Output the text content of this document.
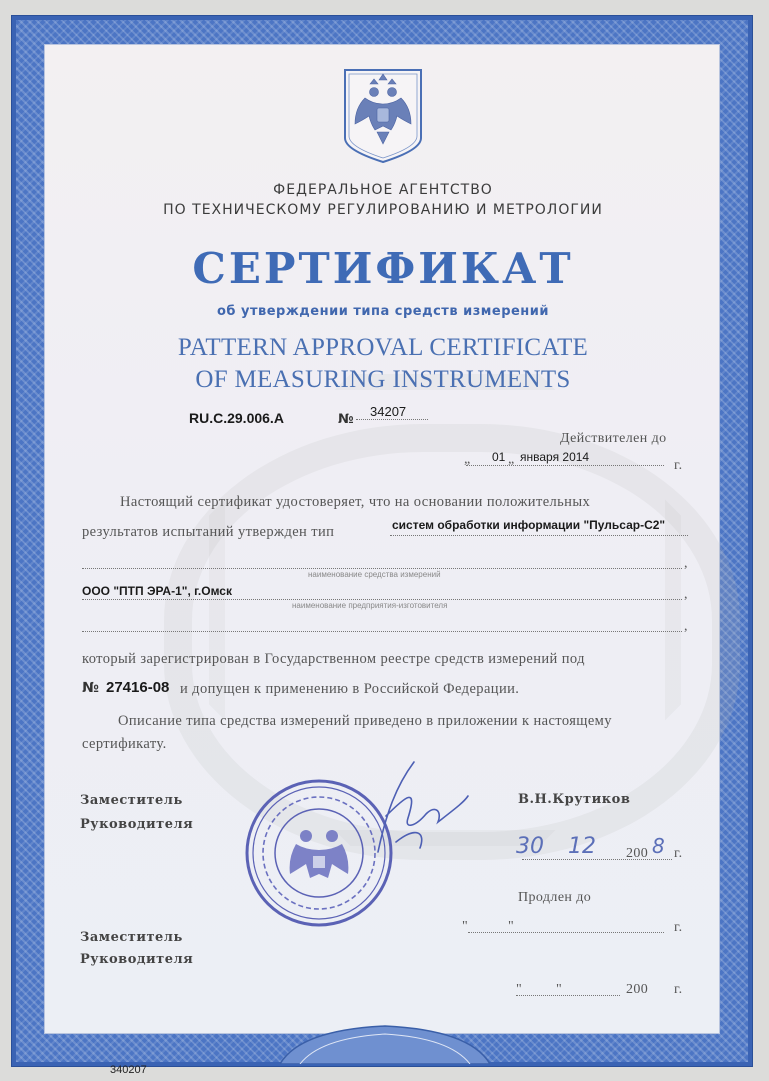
ФЕДЕРАЛЬНОЕ АГЕНТСТВО

ПО ТЕХНИЧЕСКОМУ РЕГУЛИРОВАНИЮ И МЕТРОЛОГИИ

СЕРТИФИКАТ

об утверждении типа средств измерений

PATTERN APPROVAL CERTIFICATE

OF MEASURING INSTRUMENTS

RU.C.29.006.A	№

34207

Действителен до

„ 01 „ января 2014

г.

Настоящий сертификат удостоверяет, что на основании положительных

результатов испытаний утвержден тип	систем обработки информации "Пульсар-С2"

,

наименование средства измерений

ООО "ПТП ЭРА-1", г.Омск	,

наименование предприятия-изготовителя

,

который зарегистрирован в Государственном реестре средств измерений под

№ 27416-08 и допущен к применению в Российской Федерации.

Описание типа средства измерений приведено в приложении к настоящему

сертификату.

Заместитель

Руководителя

В.Н.Крутиков

30 12 200 8 г.

Продлен до

"	"	г.

Заместитель

Руководителя

" "	200 г.

340207
